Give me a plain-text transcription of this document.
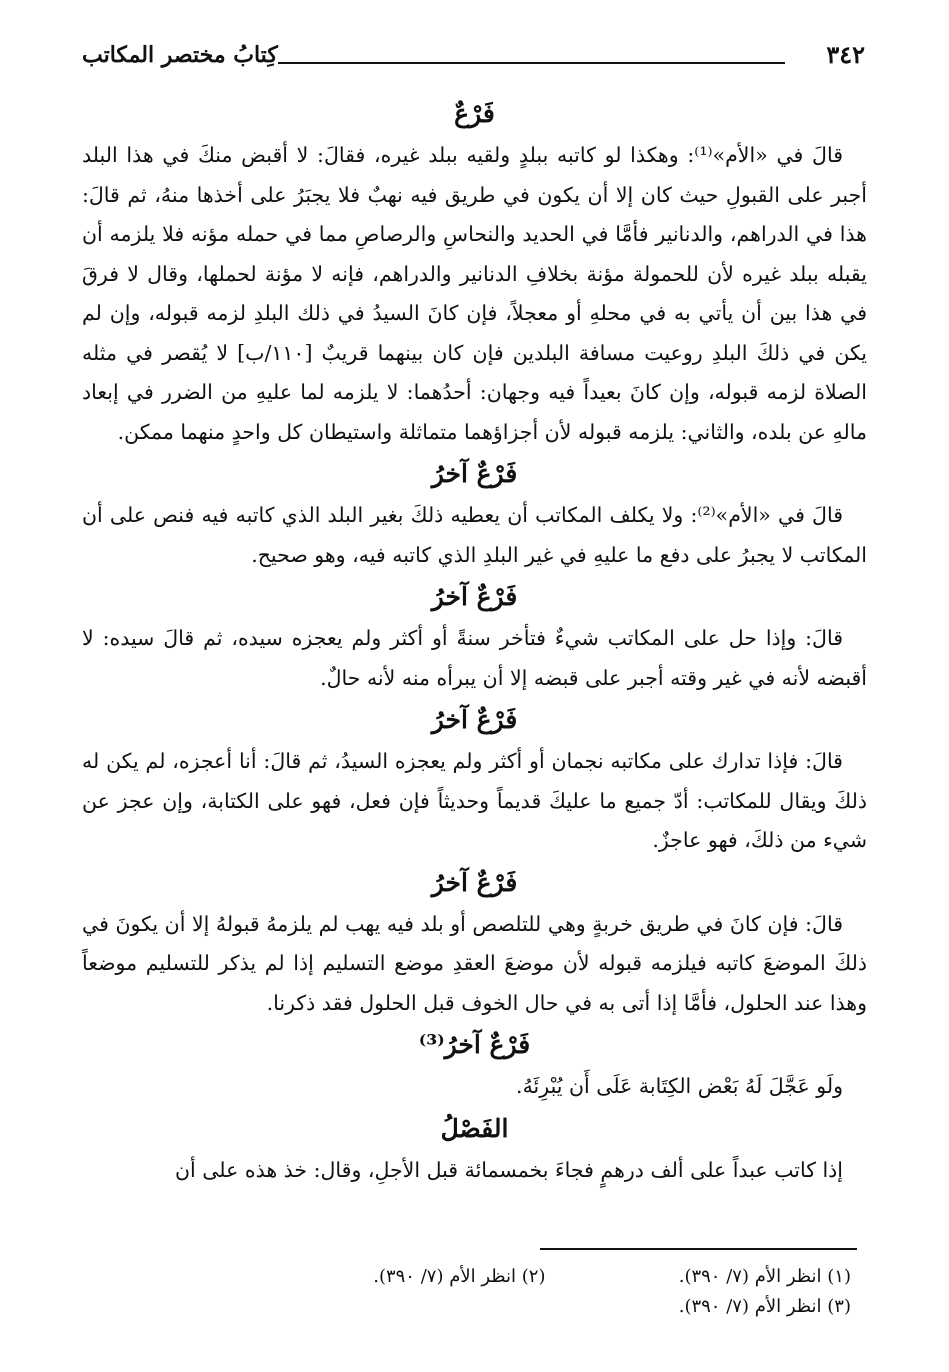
٣٤٢
كِتابُ مختصر المكاتب
فَرْعٌ

قالَ في «الأم»⁽¹⁾: وهكذا لو كاتبه ببلدٍ ولقيه ببلد غيره، فقالَ: لا أقبض منكَ في هذا البلد أجبر على القبولِ حيث كان إلا أن يكون في طريق فيه نهبٌ فلا يجبَرُ على أخذها منهُ، ثم قالَ: هذا في الدراهم، والدنانير فأمَّا في الحديد والنحاسِ والرصاصِ مما في حمله مؤنه فلا يلزمه أن يقبله ببلد غيره لأن للحمولة مؤنة بخلافِ الدنانير والدراهم، فإنه لا مؤنة لحملها، وقال لا فرقَ في هذا بين أن يأتي به في محلهِ أو معجلاً، فإن كانَ السيدُ في ذلك البلدِ لزمه قبوله، وإن لم يكن في ذلكَ البلدِ روعيت مسافة البلدين فإن كان بينهما قريبٌ [١١٠/ب] لا يُقصر في مثله الصلاة لزمه قبوله، وإن كانَ بعيداً فيه وجهان: أحدُهما: لا يلزمه لما عليهِ من الضرر في إبعاد مالهِ عن بلده، والثاني: يلزمه قبوله لأن أجزاؤهما متماثلة واستيطان كل واحدٍ منهما ممكن.

فَرْعٌ آخرُ

قالَ في «الأم»⁽²⁾: ولا يكلف المكاتب أن يعطيه ذلكَ بغير البلد الذي كاتبه فيه فنص على أن المكاتب لا يجبرُ على دفع ما عليهِ في غير البلدِ الذي كاتبه فيه، وهو صحيح.

فَرْعٌ آخرُ

قالَ: وإذا حل على المكاتب شيءٌ فتأخر سنةً أو أكثر ولم يعجزه سيده، ثم قالَ سيده: لا أقبضه لأنه في غير وقته أجبر على قبضه إلا أن يبرأه منه لأنه حالٌ.

فَرْعٌ آخرُ

قالَ: فإذا تدارك على مكاتبه نجمان أو أكثر ولم يعجزه السيدُ، ثم قالَ: أنا أعجزه، لم يكن له ذلكَ ويقال للمكاتب: أدّ جميع ما عليكَ قديماً وحديثاً فإن فعل، فهو على الكتابة، وإن عجز عن شيء من ذلكَ، فهو عاجزٌ.

فَرْعٌ آخرُ

قالَ: فإن كانَ في طريق خربةٍ وهي للتلصص أو بلد فيه يهب لم يلزمهُ قبولهُ إلا أن يكونَ في ذلكَ الموضعَ كاتبه فيلزمه قبوله لأن موضعَ العقدِ موضع التسليم إذا لم يذكر للتسليم موضعاً وهذا عند الحلول، فأمَّا إذا أتى به في حال الخوف قبل الحلول فقد ذكرنا.

فَرْعٌ آخرُ⁽³⁾

ولَو عَجَّلَ لَهُ بَعْض الكِتَابة عَلَى أَن يُبْرِئَهُ.

الفَصْلُ

إذا كاتب عبداً على ألف درهمٍ فجاءَ بخمسمائة قبل الأجلِ، وقال: خذ هذه على أن

(١) انظر الأم (٧/ ٣٩٠).
(٢) انظر الأم (٧/ ٣٩٠).
(٣) انظر الأم (٧/ ٣٩٠).
